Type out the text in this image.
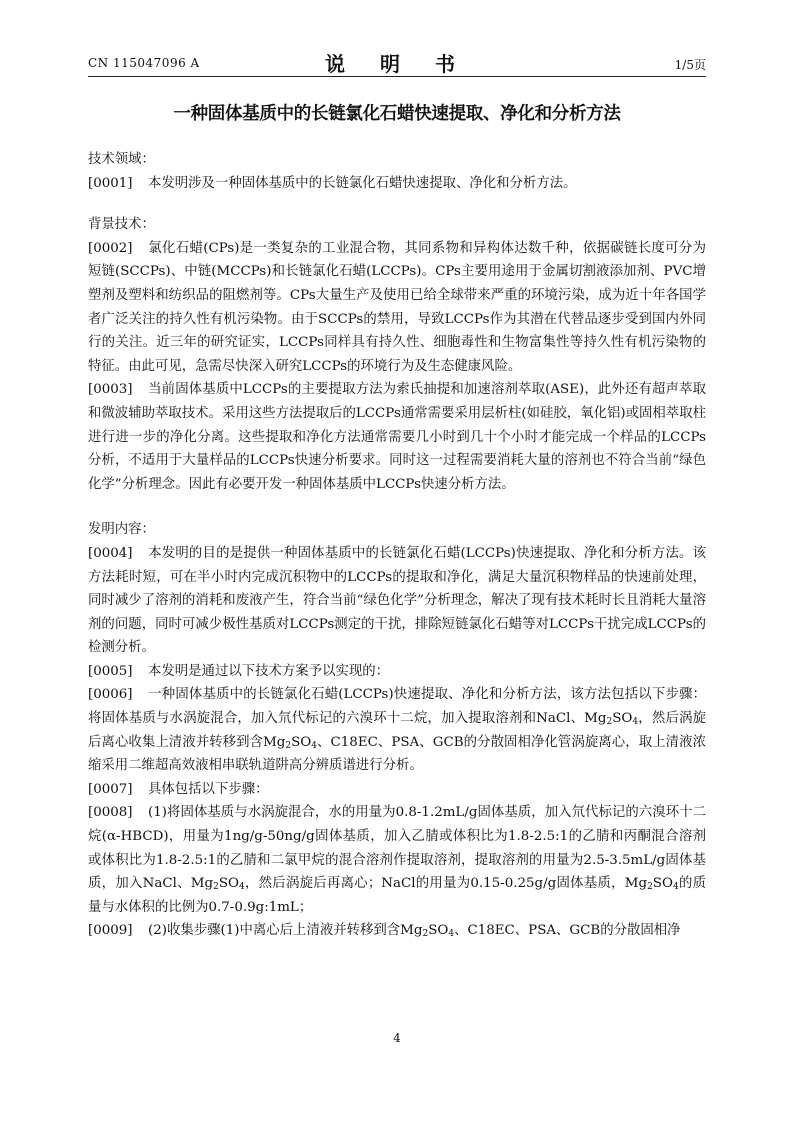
CN 115047096 A	说 明 书	1/5页
一种固体基质中的长链氯化石蜡快速提取、净化和分析方法

技术领域：

[0001] 本发明涉及一种固体基质中的长链氯化石蜡快速提取、净化和分析方法。

背景技术：

[0002] 氯化石蜡(CPs)是一类复杂的工业混合物，其同系物和异构体达数千种，依据碳链长度可分为短链(SCCPs)、中链(MCCPs)和长链氯化石蜡(LCCPs)。CPs主要用途用于金属切割液添加剂、PVC增塑剂及塑料和纺织品的阻燃剂等。CPs大量生产及使用已给全球带来严重的环境污染，成为近十年各国学者广泛关注的持久性有机污染物。由于SCCPs的禁用，导致LCCPs作为其潜在代替品逐步受到国内外同行的关注。近三年的研究证实，LCCPs同样具有持久性、细胞毒性和生物富集性等持久性有机污染物的特征。由此可见，急需尽快深入研究LCCPs的环境行为及生态健康风险。

[0003] 当前固体基质中LCCPs的主要提取方法为索氏抽提和加速溶剂萃取(ASE)，此外还有超声萃取和微波辅助萃取技术。采用这些方法提取后的LCCPs通常需要采用层析柱(如硅胶，氧化铝)或固相萃取柱进行进一步的净化分离。这些提取和净化方法通常需要几小时到几十个小时才能完成一个样品的LCCPs分析，不适用于大量样品的LCCPs快速分析要求。同时这一过程需要消耗大量的溶剂也不符合当前“绿色化学”分析理念。因此有必要开发一种固体基质中LCCPs快速分析方法。

发明内容：

[0004] 本发明的目的是提供一种固体基质中的长链氯化石蜡(LCCPs)快速提取、净化和分析方法。该方法耗时短，可在半小时内完成沉积物中的LCCPs的提取和净化，满足大量沉积物样品的快速前处理，同时减少了溶剂的消耗和废液产生，符合当前“绿色化学”分析理念，解决了现有技术耗时长且消耗大量溶剂的问题，同时可减少极性基质对LCCPs测定的干扰，排除短链氯化石蜡等对LCCPs干扰完成LCCPs的检测分析。

[0005] 本发明是通过以下技术方案予以实现的：

[0006] 一种固体基质中的长链氯化石蜡(LCCPs)快速提取、净化和分析方法，该方法包括以下步骤：将固体基质与水涡旋混合，加入氘代标记的六溴环十二烷，加入提取溶剂和NaCl、$Mg_2SO_4$，然后涡旋后离心收集上清液并转移到含$Mg_2SO_4$、C18EC、PSA、GCB的分散固相净化管涡旋离心，取上清液浓缩采用二维超高效液相串联轨道阱高分辨质谱进行分析。

[0007] 具体包括以下步骤：

[0008] (1)将固体基质与水涡旋混合，水的用量为0.8-1.2mL/g固体基质，加入氘代标记的六溴环十二烷(α-HBCD)，用量为1ng/g-50ng/g固体基质，加入乙腈或体积比为1.8-2.5:1的乙腈和丙酮混合溶剂或体积比为1.8-2.5:1的乙腈和二氯甲烷的混合溶剂作提取溶剂，提取溶剂的用量为2.5-3.5mL/g固体基质，加入NaCl、$Mg_2SO_4$，然后涡旋后再离心；NaCl的用量为0.15-0.25g/g固体基质，$Mg_2SO_4$的质量与水体积的比例为0.7-0.9g:1mL；

[0009] (2)收集步骤(1)中离心后上清液并转移到含$Mg_2SO_4$、C18EC、PSA、GCB的分散固相净

4
